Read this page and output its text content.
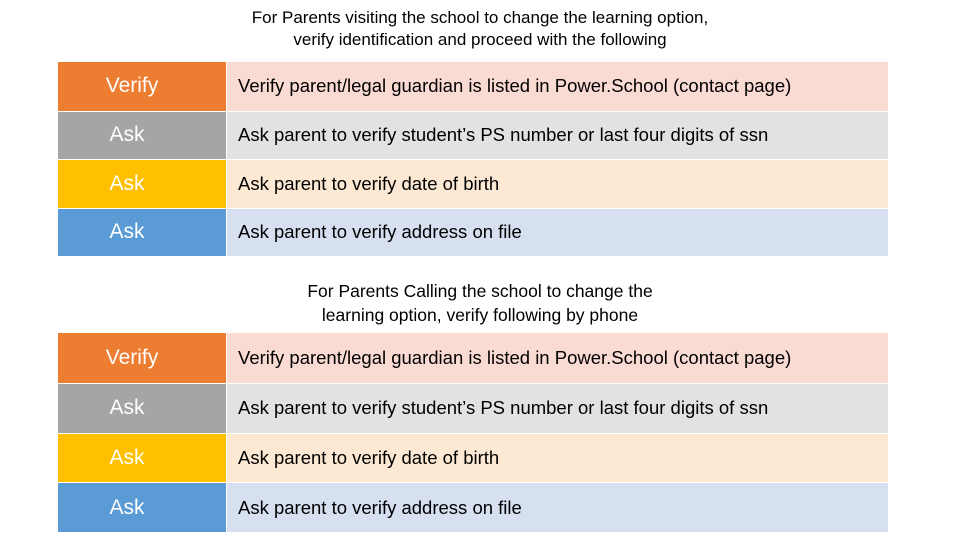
For Parents visiting the school to change the learning option,
verify identification and proceed with the following
Verify	Verify parent/legal guardian is listed in Power.School (contact page)
Ask	Ask parent to verify student’s PS number or last four digits of ssn
Ask	Ask parent to verify date of birth
Ask	Ask parent to verify address on file
For Parents Calling the school to change the
learning option, verify following by phone
Verify	Verify parent/legal guardian is listed in Power.School (contact page)
Ask	Ask parent to verify student’s PS number or last four digits of ssn
Ask	Ask parent to verify date of birth
Ask	Ask parent to verify address on file
